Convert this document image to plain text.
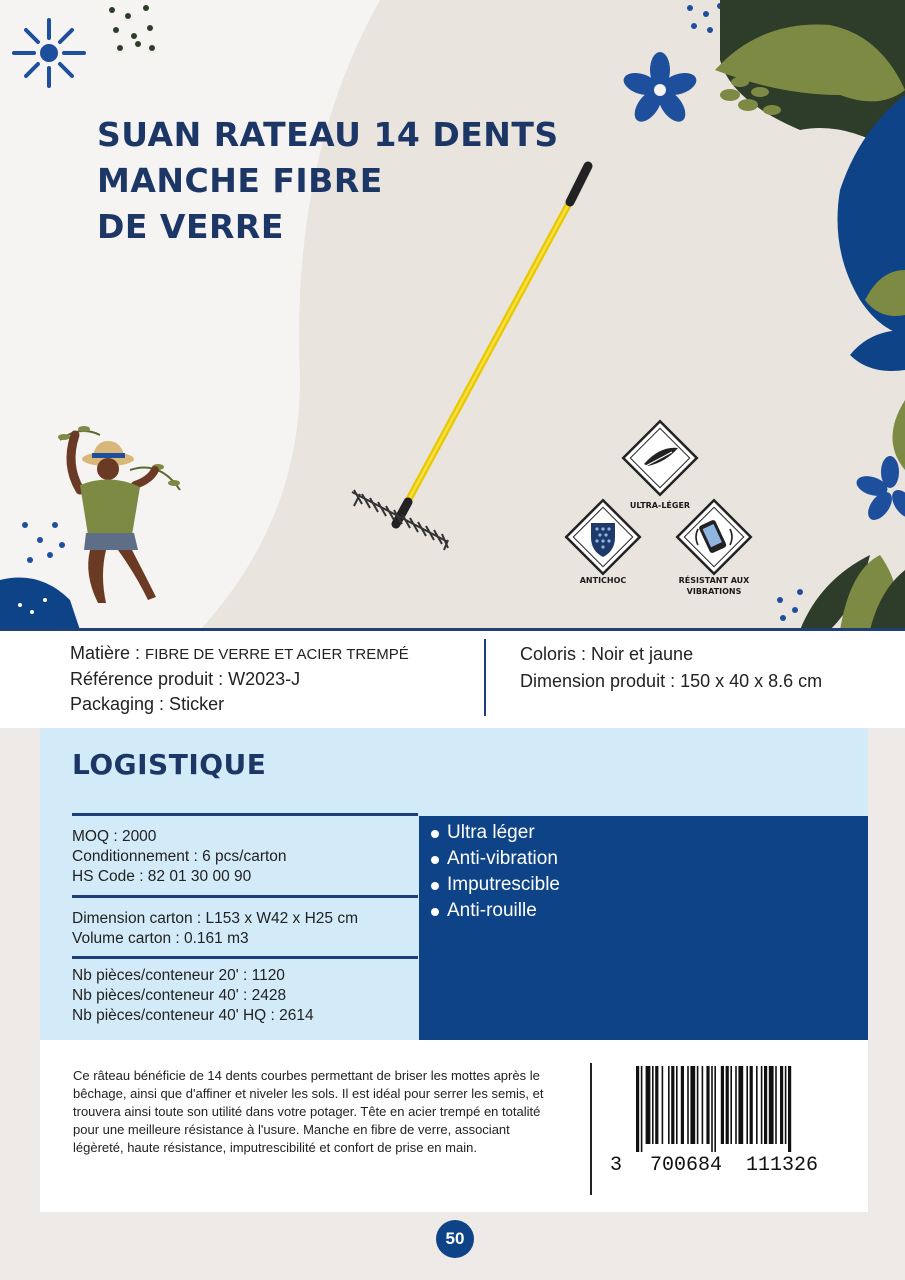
SUAN RATEAU 14 DENTS
MANCHE FIBRE
DE VERRE
ULTRA-LÉGER
ANTICHOC	RÉSISTANT AUX
VIBRATIONS
Matière : FIBRE DE VERRE ET ACIER TREMPÉ
Référence produit : W2023-J
Packaging : Sticker
Coloris : Noir et jaune
Dimension produit : 150 x 40 x 8.6 cm
LOGISTIQUE
MOQ : 2000
Conditionnement : 6 pcs/carton
HS Code : 82 01 30 00 90
Dimension carton : L153 x W42 x H25 cm
Volume carton : 0.161 m3
Nb pièces/conteneur 20' : 1120
Nb pièces/conteneur 40' : 2428
Nb pièces/conteneur 40' HQ : 2614
Ultra léger
Anti-vibration
Imputrescible
Anti-rouille
Ce râteau bénéficie de 14 dents courbes permettant de briser les mottes après le bêchage, ainsi que d'affiner et niveler les sols. Il est idéal pour serrer les semis, et trouvera ainsi toute son utilité dans votre potager. Tête en acier trempé en totalité pour une meilleure résistance à l'usure. Manche en fibre de verre, associant légèreté, haute résistance, imputrescibilité et confort de prise en main.
3 700684 111326
50
